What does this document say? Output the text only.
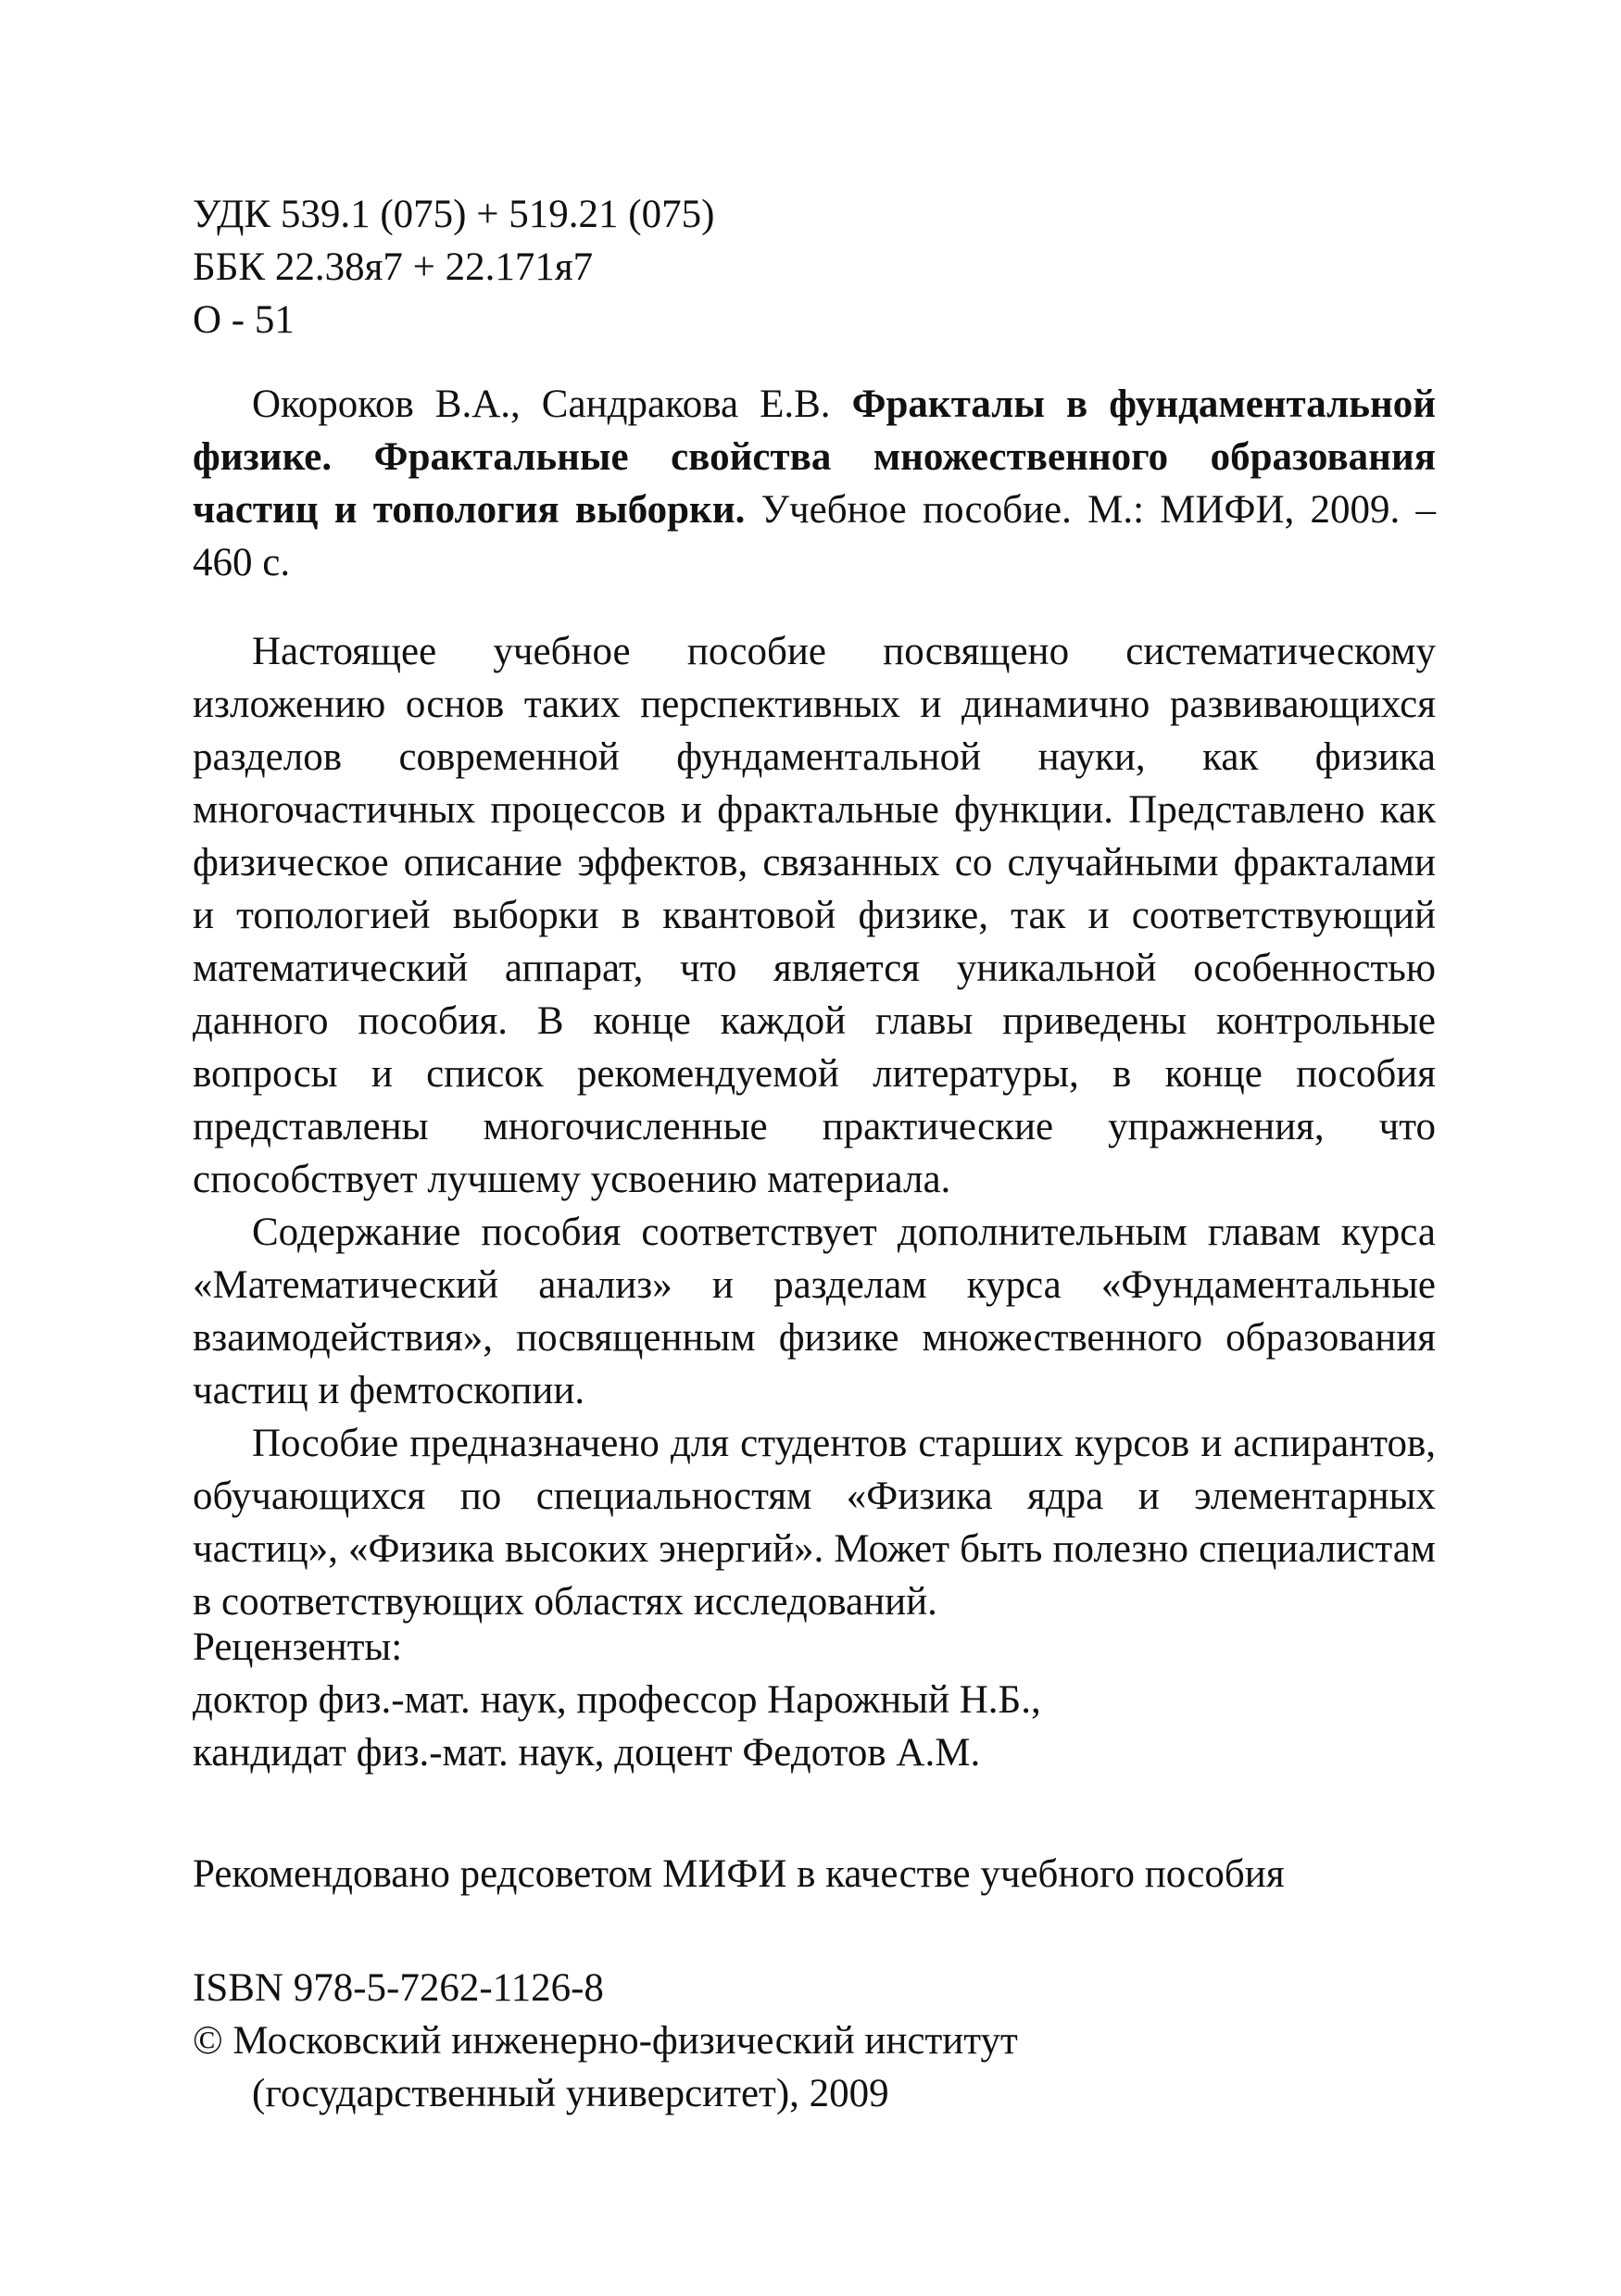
УДК 539.1 (075) + 519.21 (075)
ББК 22.38я7 + 22.171я7
О - 51
Окороков В.А., Сандракова Е.В. Фракталы в фундаментальной физике. Фрактальные свойства множественного образования частиц и топология выборки. Учебное пособие. М.: МИФИ, 2009. – 460 с.
Настоящее учебное пособие посвящено систематическому изложению основ таких перспективных и динамично развивающихся разделов современной фундаментальной науки, как физика многочастичных процессов и фрактальные функции. Представлено как физическое описание эффектов, связанных со случайными фракталами и топологией выборки в квантовой физике, так и соответствующий математический аппарат, что является уникальной особенностью данного пособия. В конце каждой главы приведены контрольные вопросы и список рекомендуемой литературы, в конце пособия представлены многочисленные практические упражнения, что способствует лучшему усвоению материала.
Содержание пособия соответствует дополнительным главам курса «Математический анализ» и разделам курса «Фундаментальные взаимодействия», посвященным физике множественного образования частиц и фемтоскопии.
Пособие предназначено для студентов старших курсов и аспирантов, обучающихся по специальностям «Физика ядра и элементарных частиц», «Физика высоких энергий». Может быть полезно специалистам в соответствующих областях исследований.
Рецензенты:
доктор физ.-мат. наук, профессор Нарожный Н.Б.,
кандидат физ.-мат. наук, доцент Федотов А.М.
Рекомендовано редсоветом МИФИ в качестве учебного пособия
ISBN 978-5-7262-1126-8
© Московский инженерно-физический институт
(государственный университет), 2009
